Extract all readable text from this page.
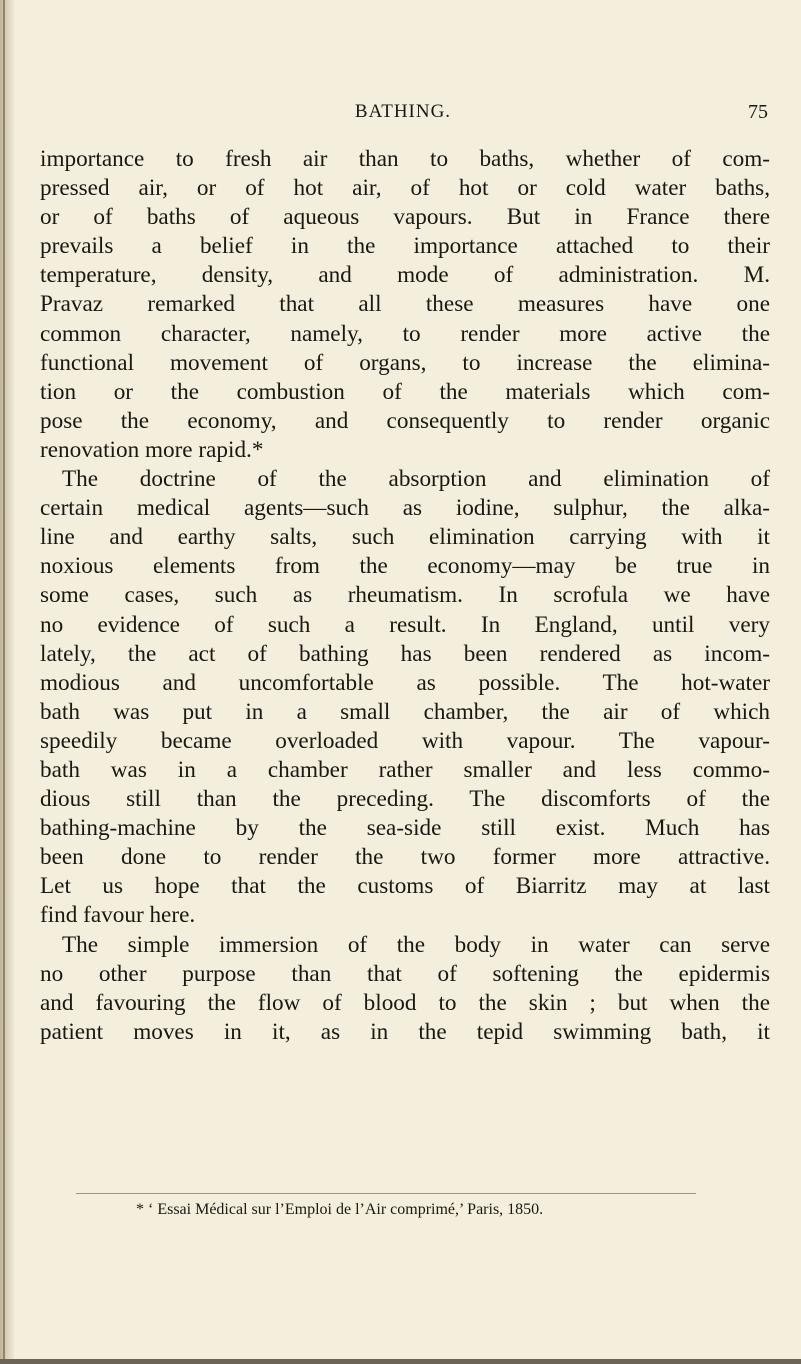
BATHING.	75
importance to fresh air than to baths, whether of com-
pressed air, or of hot air, of hot or cold water baths,
or of baths of aqueous vapours. But in France there
prevails a belief in the importance attached to their
temperature, density, and mode of administration. M.
Pravaz remarked that all these measures have one
common character, namely, to render more active the
functional movement of organs, to increase the elimina-
tion or the combustion of the materials which com-
pose the economy, and consequently to render organic
renovation more rapid.*
The doctrine of the absorption and elimination of
certain medical agents—such as iodine, sulphur, the alka-
line and earthy salts, such elimination carrying with it
noxious elements from the economy—may be true in
some cases, such as rheumatism. In scrofula we have
no evidence of such a result. In England, until very
lately, the act of bathing has been rendered as incom-
modious and uncomfortable as possible. The hot-water
bath was put in a small chamber, the air of which
speedily became overloaded with vapour. The vapour-
bath was in a chamber rather smaller and less commo-
dious still than the preceding. The discomforts of the
bathing-machine by the sea-side still exist. Much has
been done to render the two former more attractive.
Let us hope that the customs of Biarritz may at last
find favour here.
The simple immersion of the body in water can serve
no other purpose than that of softening the epidermis
and favouring the flow of blood to the skin ; but when the
patient moves in it, as in the tepid swimming bath, it
* ‘ Essai Médical sur l’Emploi de l’Air comprimé,’ Paris, 1850.
